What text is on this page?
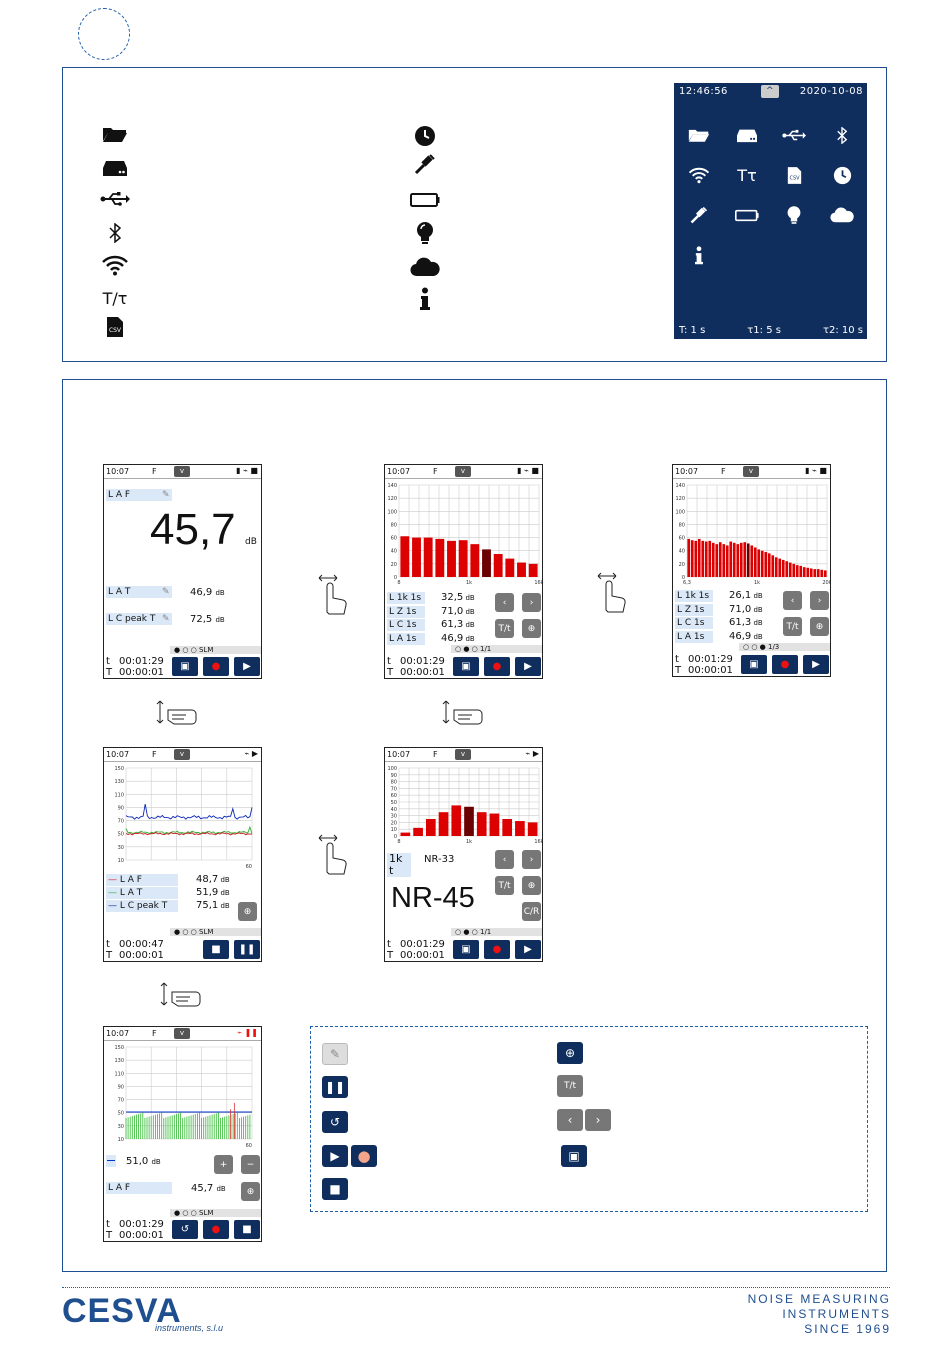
T/τ
CSV
12:46:56	^	2020-10-08
Tτ	CSV
T: 1 s	τ1: 5 s	τ2: 10 s
10:07	F	v	▮ ⌁ ■
L A F	✎
45,7 dB
L A T	✎ 46,9 dB
L C peak T ✎ 72,5 dB
● ○ ○ SLM
t 00:01:29
T 00:00:01
▣	●	▶
10:07	F	v	▮ ⌁ ■
140
120
100
80
60
40
20
0
8	1k	16k
‹	›
T/t	⊕
○ ● ○ 1/1
t 00:01:29
T 00:00:01
▣	●	▶
L 1k 1s	32,5 dB
L Z 1s	71,0 dB
L C 1s	61,3 dB
L A 1s	46,9 dB
10:07	F	v	▮ ⌁ ■
140
120
100
80
60
40
20
0
6,3	1k	20k
‹	›
T/t	⊕
○ ○ ● 1/3
t 00:01:29
T 00:00:01
▣	●	▶
L 1k 1s	26,1 dB
L Z 1s	71,0 dB
L C 1s	61,3 dB
L A 1s	46,9 dB
10:07	F	v	⌁ ▶
150
130
110
90
70
50
30
10
60
⊕
● ○ ○ SLM
t 00:00:47
T 00:00:01
■	❚❚
— L A F	48,7 dB
— L A T	51,9 dB
— L C peak T	75,1 dB
10:07	F	v	⌁ ▶
100
90
80
70
60
50
40
30
20
10
0
8	1k	16k
1k
t
NR-33	‹	›
T/t	⊕
C/R
NR-45
○ ● ○ 1/1
t 00:01:29
T 00:00:01
▣	●	▶
10:07	F	v	⌁ ❚❚
150
130
110
90
70
50
30
10
60
51,0 dB	+	−
L A F	45,7 dB	⊕
● ○ ○ SLM
t 00:01:29
T 00:00:01
↺	●	■
✎
❚❚
↺
▶	●
■
⊕
T/t
‹	›
▣
CESVA
instruments, s.l.u
NOISE MEASURING
INSTRUMENTS
SINCE 1969
